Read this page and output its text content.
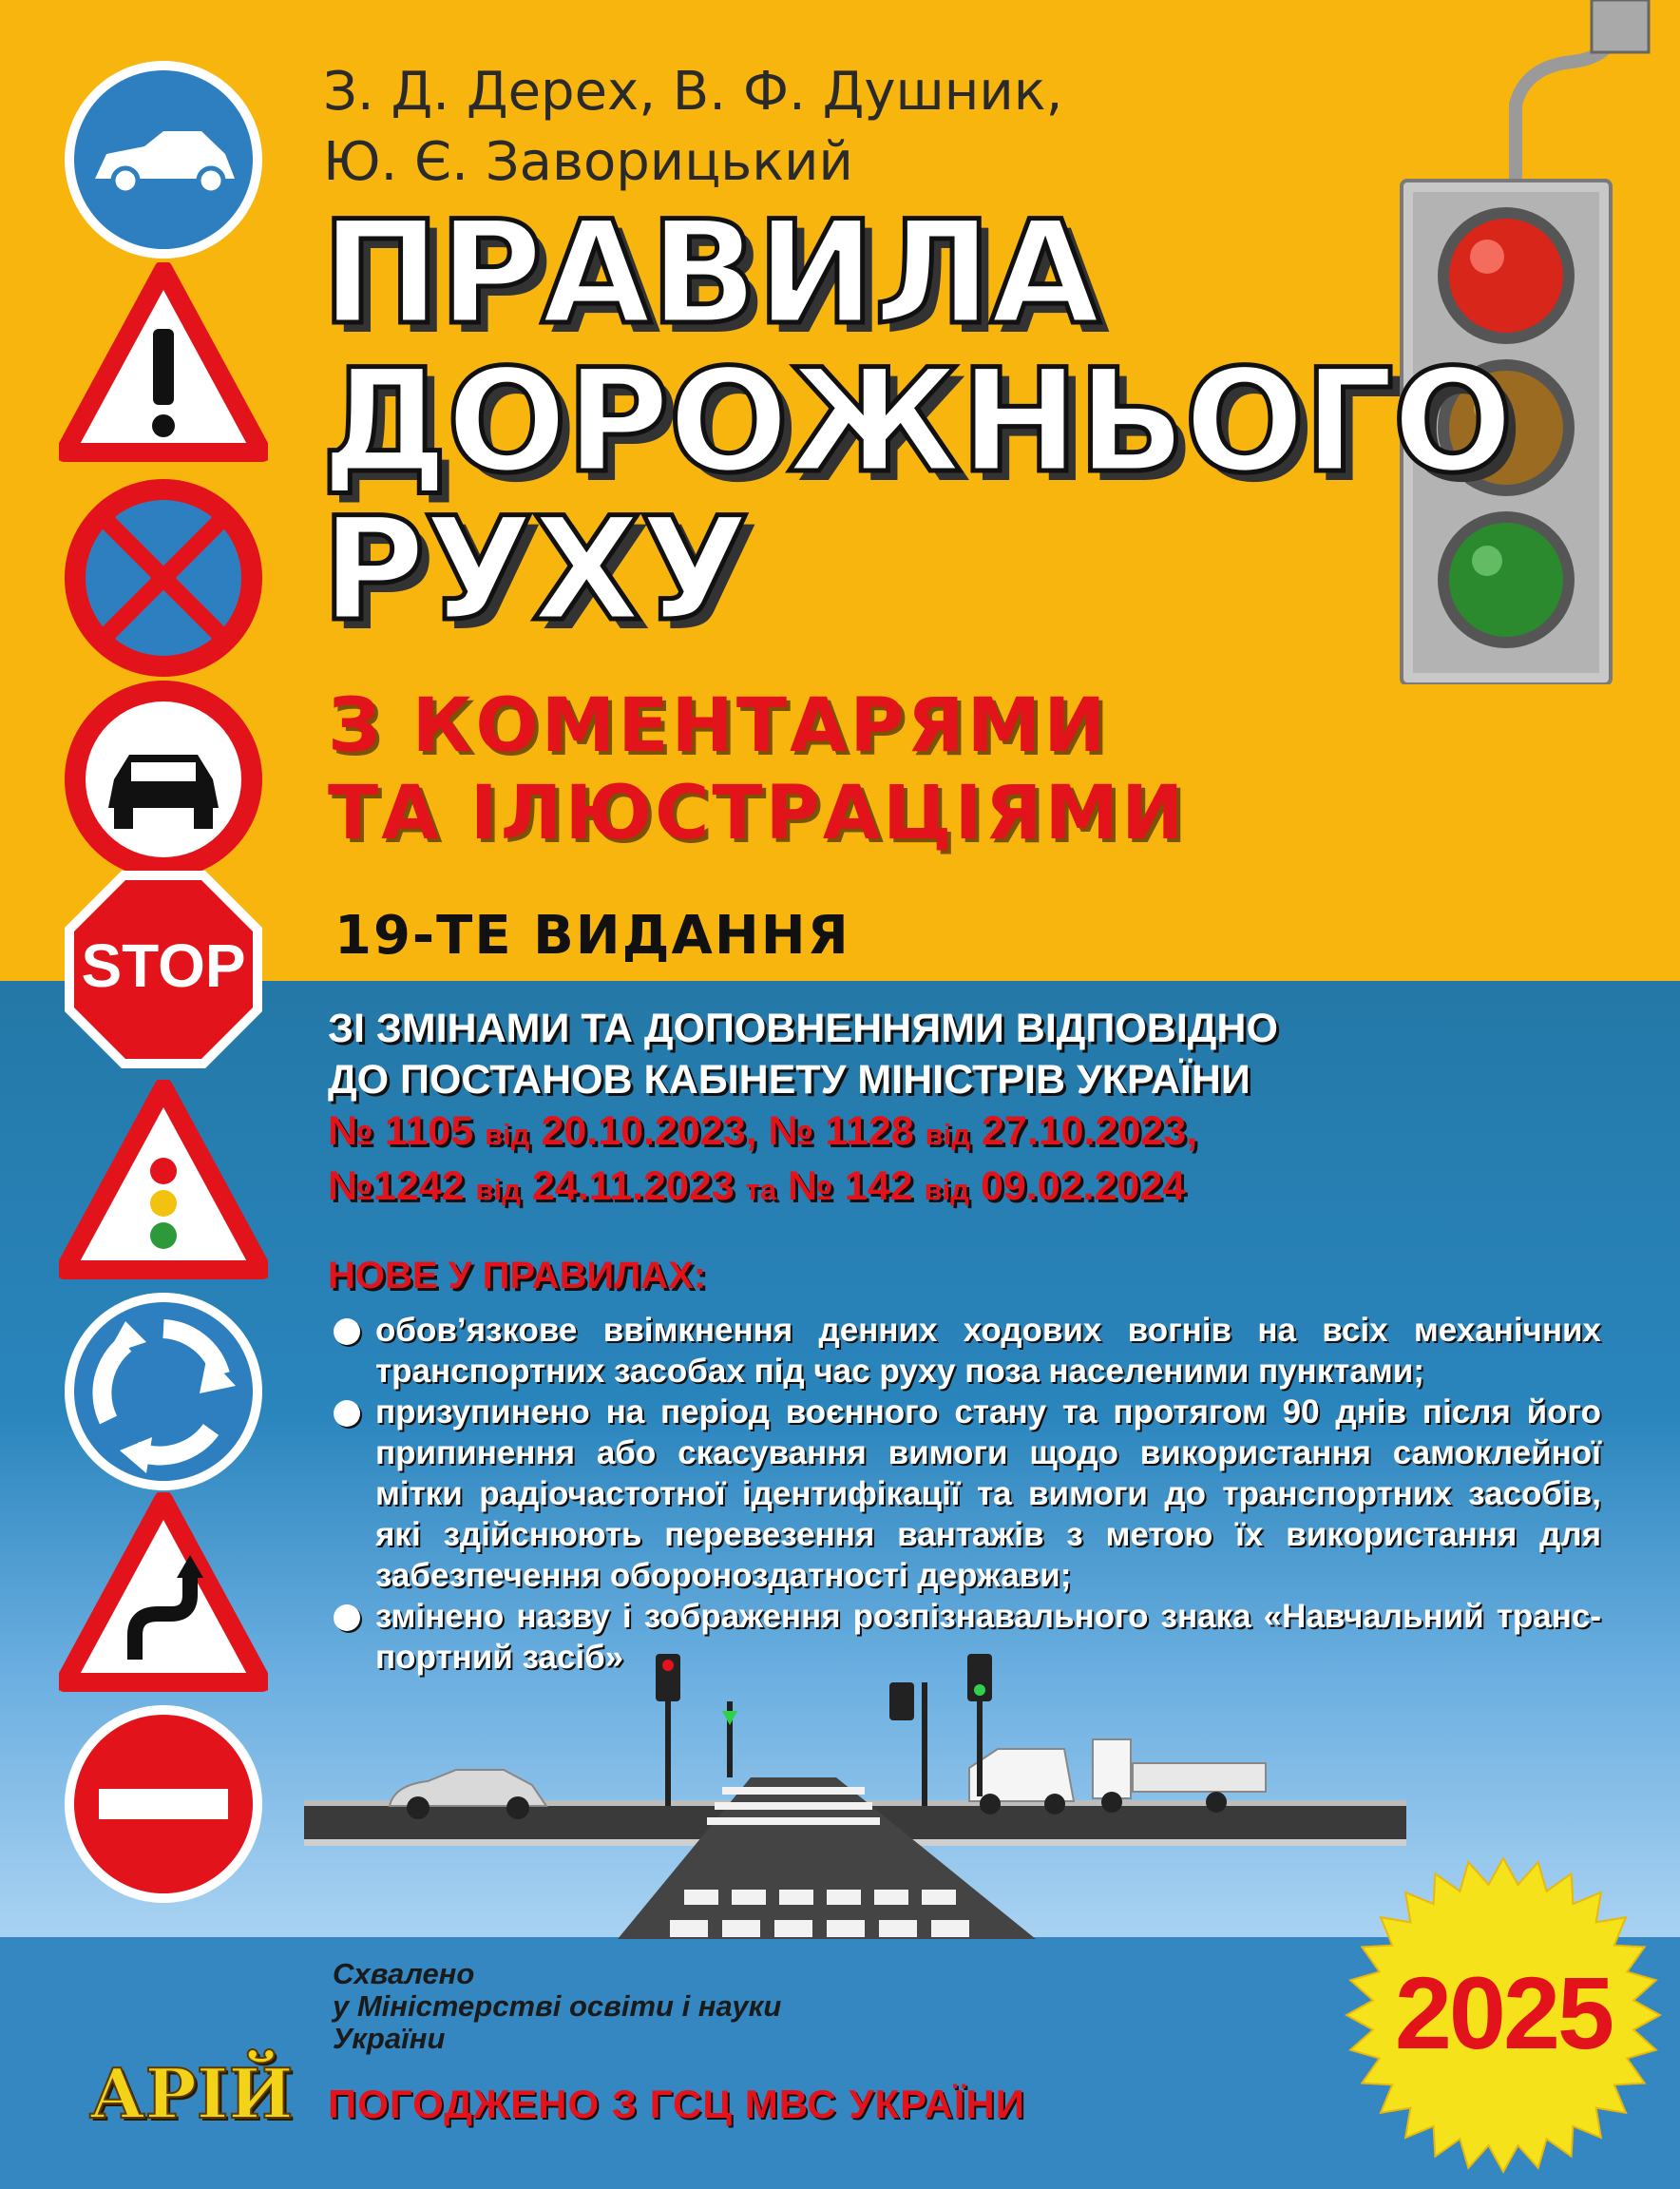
STOP
З. Д. Дерех, В. Ф. Душник,
Ю. Є. Заворицький
ПРАВИЛА
ДОРОЖНЬОГО
РУХУ
З КОМЕНТАРЯМИ
ТА ІЛЮСТРАЦІЯМИ
19-ТЕ ВИДАННЯ
ЗІ ЗМІНАМИ ТА ДОПОВНЕННЯМИ ВІДПОВІДНО
ДО ПОСТАНОВ КАБІНЕТУ МІНІСТРІВ УКРАЇНИ
№ 1105 від 20.10.2023, № 1128 від 27.10.2023,
№1242 від 24.11.2023 та № 142 від 09.02.2024
НОВЕ У ПРАВИЛАХ:
обов’язкове ввімкнення денних ходових вогнів на всіх механічних транспортних засобах під час руху поза населеними пунктами;
призупинено на період воєнного стану та протягом 90 днів після його припинення або скасування вимоги щодо використання самоклейної мітки радіочастотної ідентифікації та вимоги до транспортних засобів, які здійснюють перевезення вантажів з метою їх використання для забезпечення обороноздатності держави;
змінено назву і зображення розпізнавального знака «Навчальний транс-портний засіб»
Схвалено
у Міністерстві освіти і науки
України
АРІЙ ПОГОДЖЕНО З ГСЦ МВС УКРАЇНИ
2025
